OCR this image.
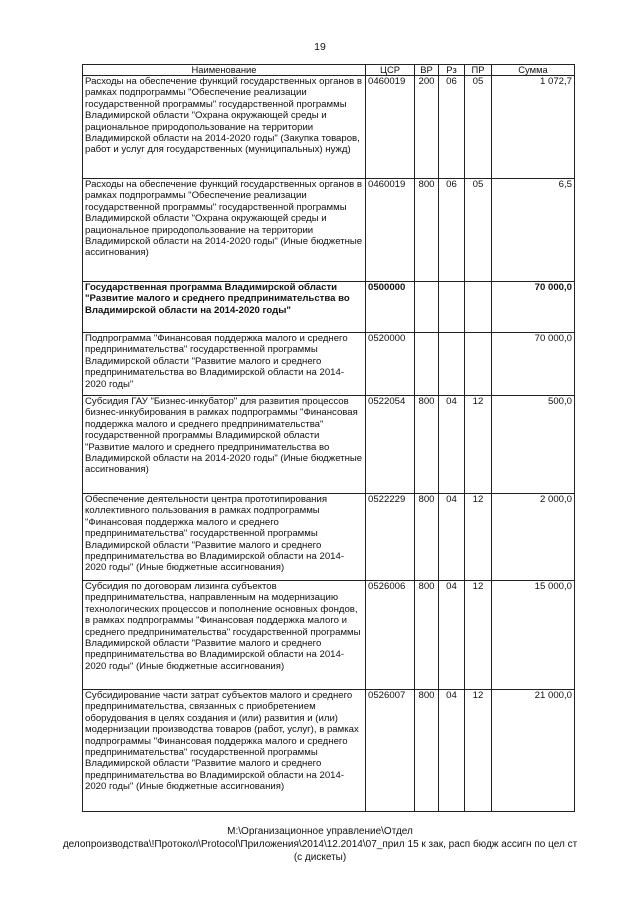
19
Наименование	ЦСР	ВР	Рз	ПР	Сумма
Расходы на обеспечение функций государственных органов в рамках подпрограммы "Обеспечение реализации государственной программы" государственной программы Владимирской области "Охрана окружающей среды и рациональное природопользование на территории Владимирской области на 2014-2020 годы" (Закупка товаров, работ и услуг для государственных (муниципальных) нужд)	0460019	200	06	05	1 072,7
Расходы на обеспечение функций государственных органов в рамках подпрограммы "Обеспечение реализации государственной программы" государственной программы Владимирской области "Охрана окружающей среды и рациональное природопользование на территории Владимирской области на 2014-2020 годы" (Иные бюджетные ассигнования)	0460019	800	06	05	6,5
Государственная программа Владимирской области "Развитие малого и среднего предпринимательства во Владимирской области на 2014-2020 годы"	0500000				70 000,0
Подпрограмма "Финансовая поддержка малого и среднего предпринимательства" государственной программы Владимирской области "Развитие малого и среднего предпринимательства во Владимирской области на 2014-2020 годы"	0520000				70 000,0
Субсидия ГАУ "Бизнес-инкубатор" для развития процессов бизнес-инкубирования в рамках подпрограммы "Финансовая поддержка малого и среднего предпринимательства" государственной программы Владимирской области "Развитие малого и среднего предпринимательства во Владимирской области на 2014-2020 годы" (Иные бюджетные ассигнования)	0522054	800	04	12	500,0
Обеспечение деятельности центра прототипирования коллективного пользования в рамках подпрограммы "Финансовая поддержка малого и среднего предпринимательства" государственной программы Владимирской области "Развитие малого и среднего предпринимательства во Владимирской области на 2014-2020 годы" (Иные бюджетные ассигнования)	0522229	800	04	12	2 000,0
Субсидия по договорам лизинга субъектов предпринимательства, направленным на модернизацию технологических процессов и пополнение основных фондов, в рамках подпрограммы "Финансовая поддержка малого и среднего предпринимательства" государственной программы Владимирской области "Развитие малого и среднего предпринимательства во Владимирской области на 2014-2020 годы" (Иные бюджетные ассигнования)	0526006	800	04	12	15 000,0
Субсидирование части затрат субъектов малого и среднего предпринимательства, связанных с приобретением оборудования в целях создания и (или) развития и (или) модернизации производства товаров (работ, услуг), в рамках подпрограммы "Финансовая поддержка малого и среднего предпринимательства" государственной программы Владимирской области "Развитие малого и среднего предпринимательства во Владимирской области на 2014-2020 годы" (Иные бюджетные ассигнования)	0526007	800	04	12	21 000,0
М:\Организационное управление\Отдел
делопроизводства\!Протокол\Protocol\Приложения\2014\12.2014\07_прил 15 к зак, расп бюдж ассигн по цел ст
(с дискеты)
